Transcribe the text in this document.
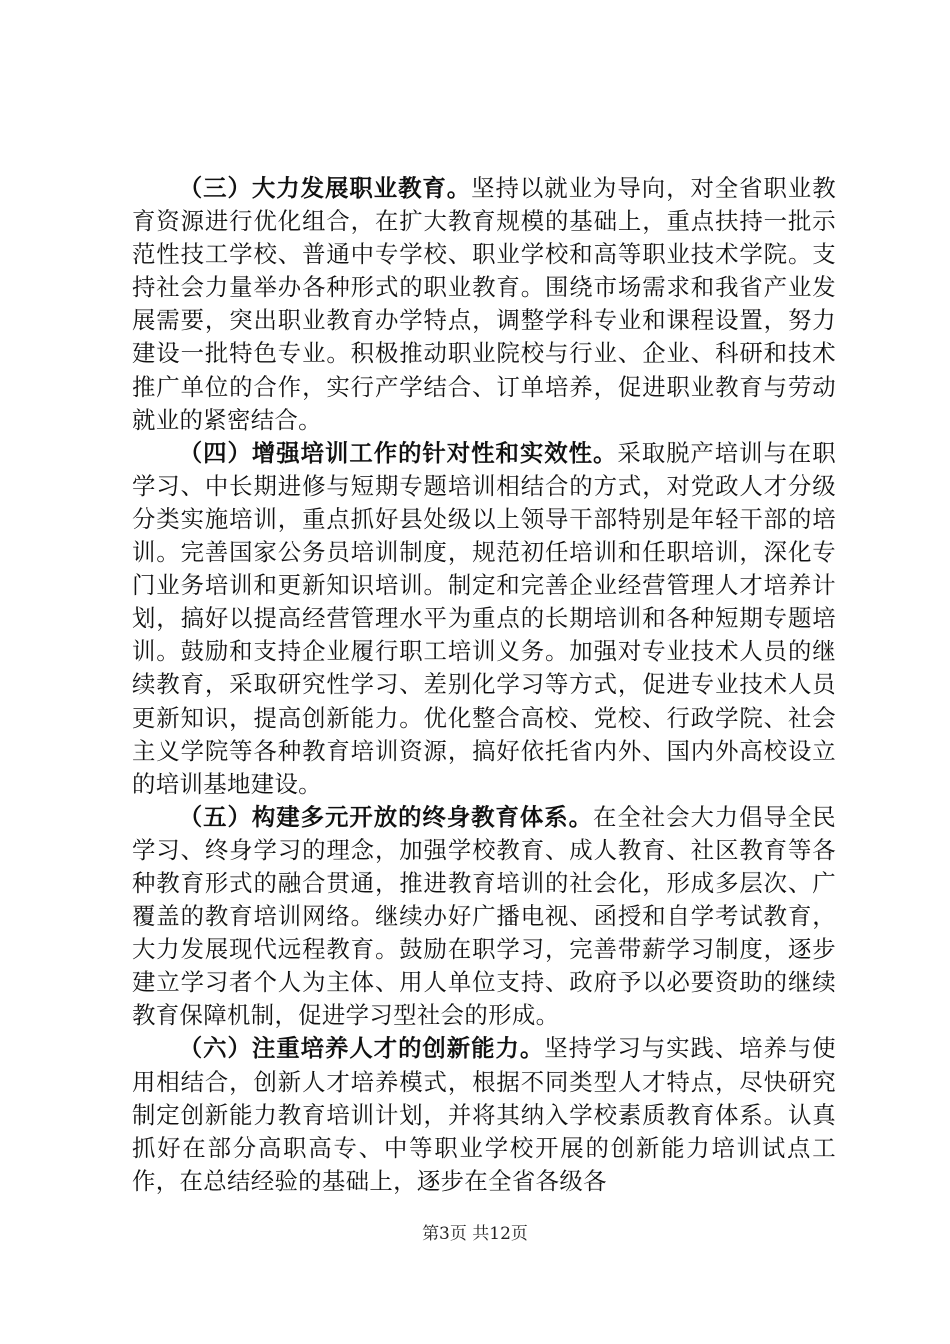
（三）大力发展职业教育。坚持以就业为导向，对全省职业教育资源进行优化组合，在扩大教育规模的基础上，重点扶持一批示范性技工学校、普通中专学校、职业学校和高等职业技术学院。支持社会力量举办各种形式的职业教育。围绕市场需求和我省产业发展需要，突出职业教育办学特点，调整学科专业和课程设置，努力建设一批特色专业。积极推动职业院校与行业、企业、科研和技术推广单位的合作，实行产学结合、订单培养，促进职业教育与劳动就业的紧密结合。

（四）增强培训工作的针对性和实效性。采取脱产培训与在职学习、中长期进修与短期专题培训相结合的方式，对党政人才分级分类实施培训，重点抓好县处级以上领导干部特别是年轻干部的培训。完善国家公务员培训制度，规范初任培训和任职培训，深化专门业务培训和更新知识培训。制定和完善企业经营管理人才培养计划，搞好以提高经营管理水平为重点的长期培训和各种短期专题培训。鼓励和支持企业履行职工培训义务。加强对专业技术人员的继续教育，采取研究性学习、差别化学习等方式，促进专业技术人员更新知识，提高创新能力。优化整合高校、党校、行政学院、社会主义学院等各种教育培训资源，搞好依托省内外、国内外高校设立的培训基地建设。

（五）构建多元开放的终身教育体系。在全社会大力倡导全民学习、终身学习的理念，加强学校教育、成人教育、社区教育等各种教育形式的融合贯通，推进教育培训的社会化，形成多层次、广覆盖的教育培训网络。继续办好广播电视、函授和自学考试教育，大力发展现代远程教育。鼓励在职学习，完善带薪学习制度，逐步建立学习者个人为主体、用人单位支持、政府予以必要资助的继续教育保障机制，促进学习型社会的形成。

（六）注重培养人才的创新能力。坚持学习与实践、培养与使用相结合，创新人才培养模式，根据不同类型人才特点，尽快研究制定创新能力教育培训计划，并将其纳入学校素质教育体系。认真抓好在部分高职高专、中等职业学校开展的创新能力培训试点工作，在总结经验的基础上，逐步在全省各级各

第3页 共12页
